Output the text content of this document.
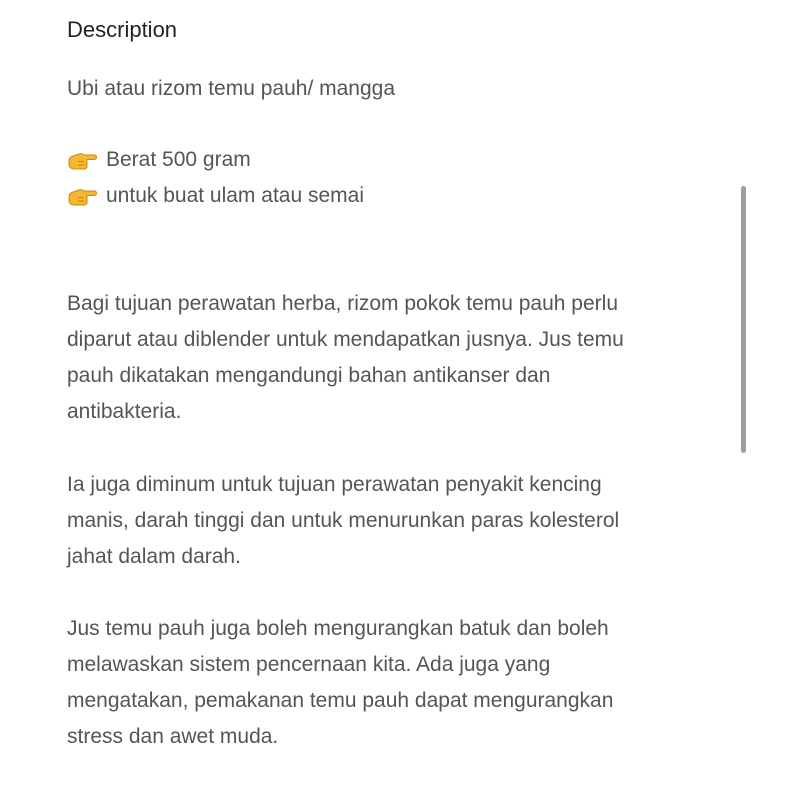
Description
Ubi atau rizom temu pauh/ mangga
Berat 500 gram
untuk buat ulam atau semai
Bagi tujuan perawatan herba, rizom pokok temu pauh perlu
diparut atau diblender untuk mendapatkan jusnya. Jus temu
pauh dikatakan mengandungi bahan antikanser dan
antibakteria.
Ia juga diminum untuk tujuan perawatan penyakit kencing
manis, darah tinggi dan untuk menurunkan paras kolesterol
jahat dalam darah.
Jus temu pauh juga boleh mengurangkan batuk dan boleh
melawaskan sistem pencernaan kita. Ada juga yang
mengatakan, pemakanan temu pauh dapat mengurangkan
stress dan awet muda.
